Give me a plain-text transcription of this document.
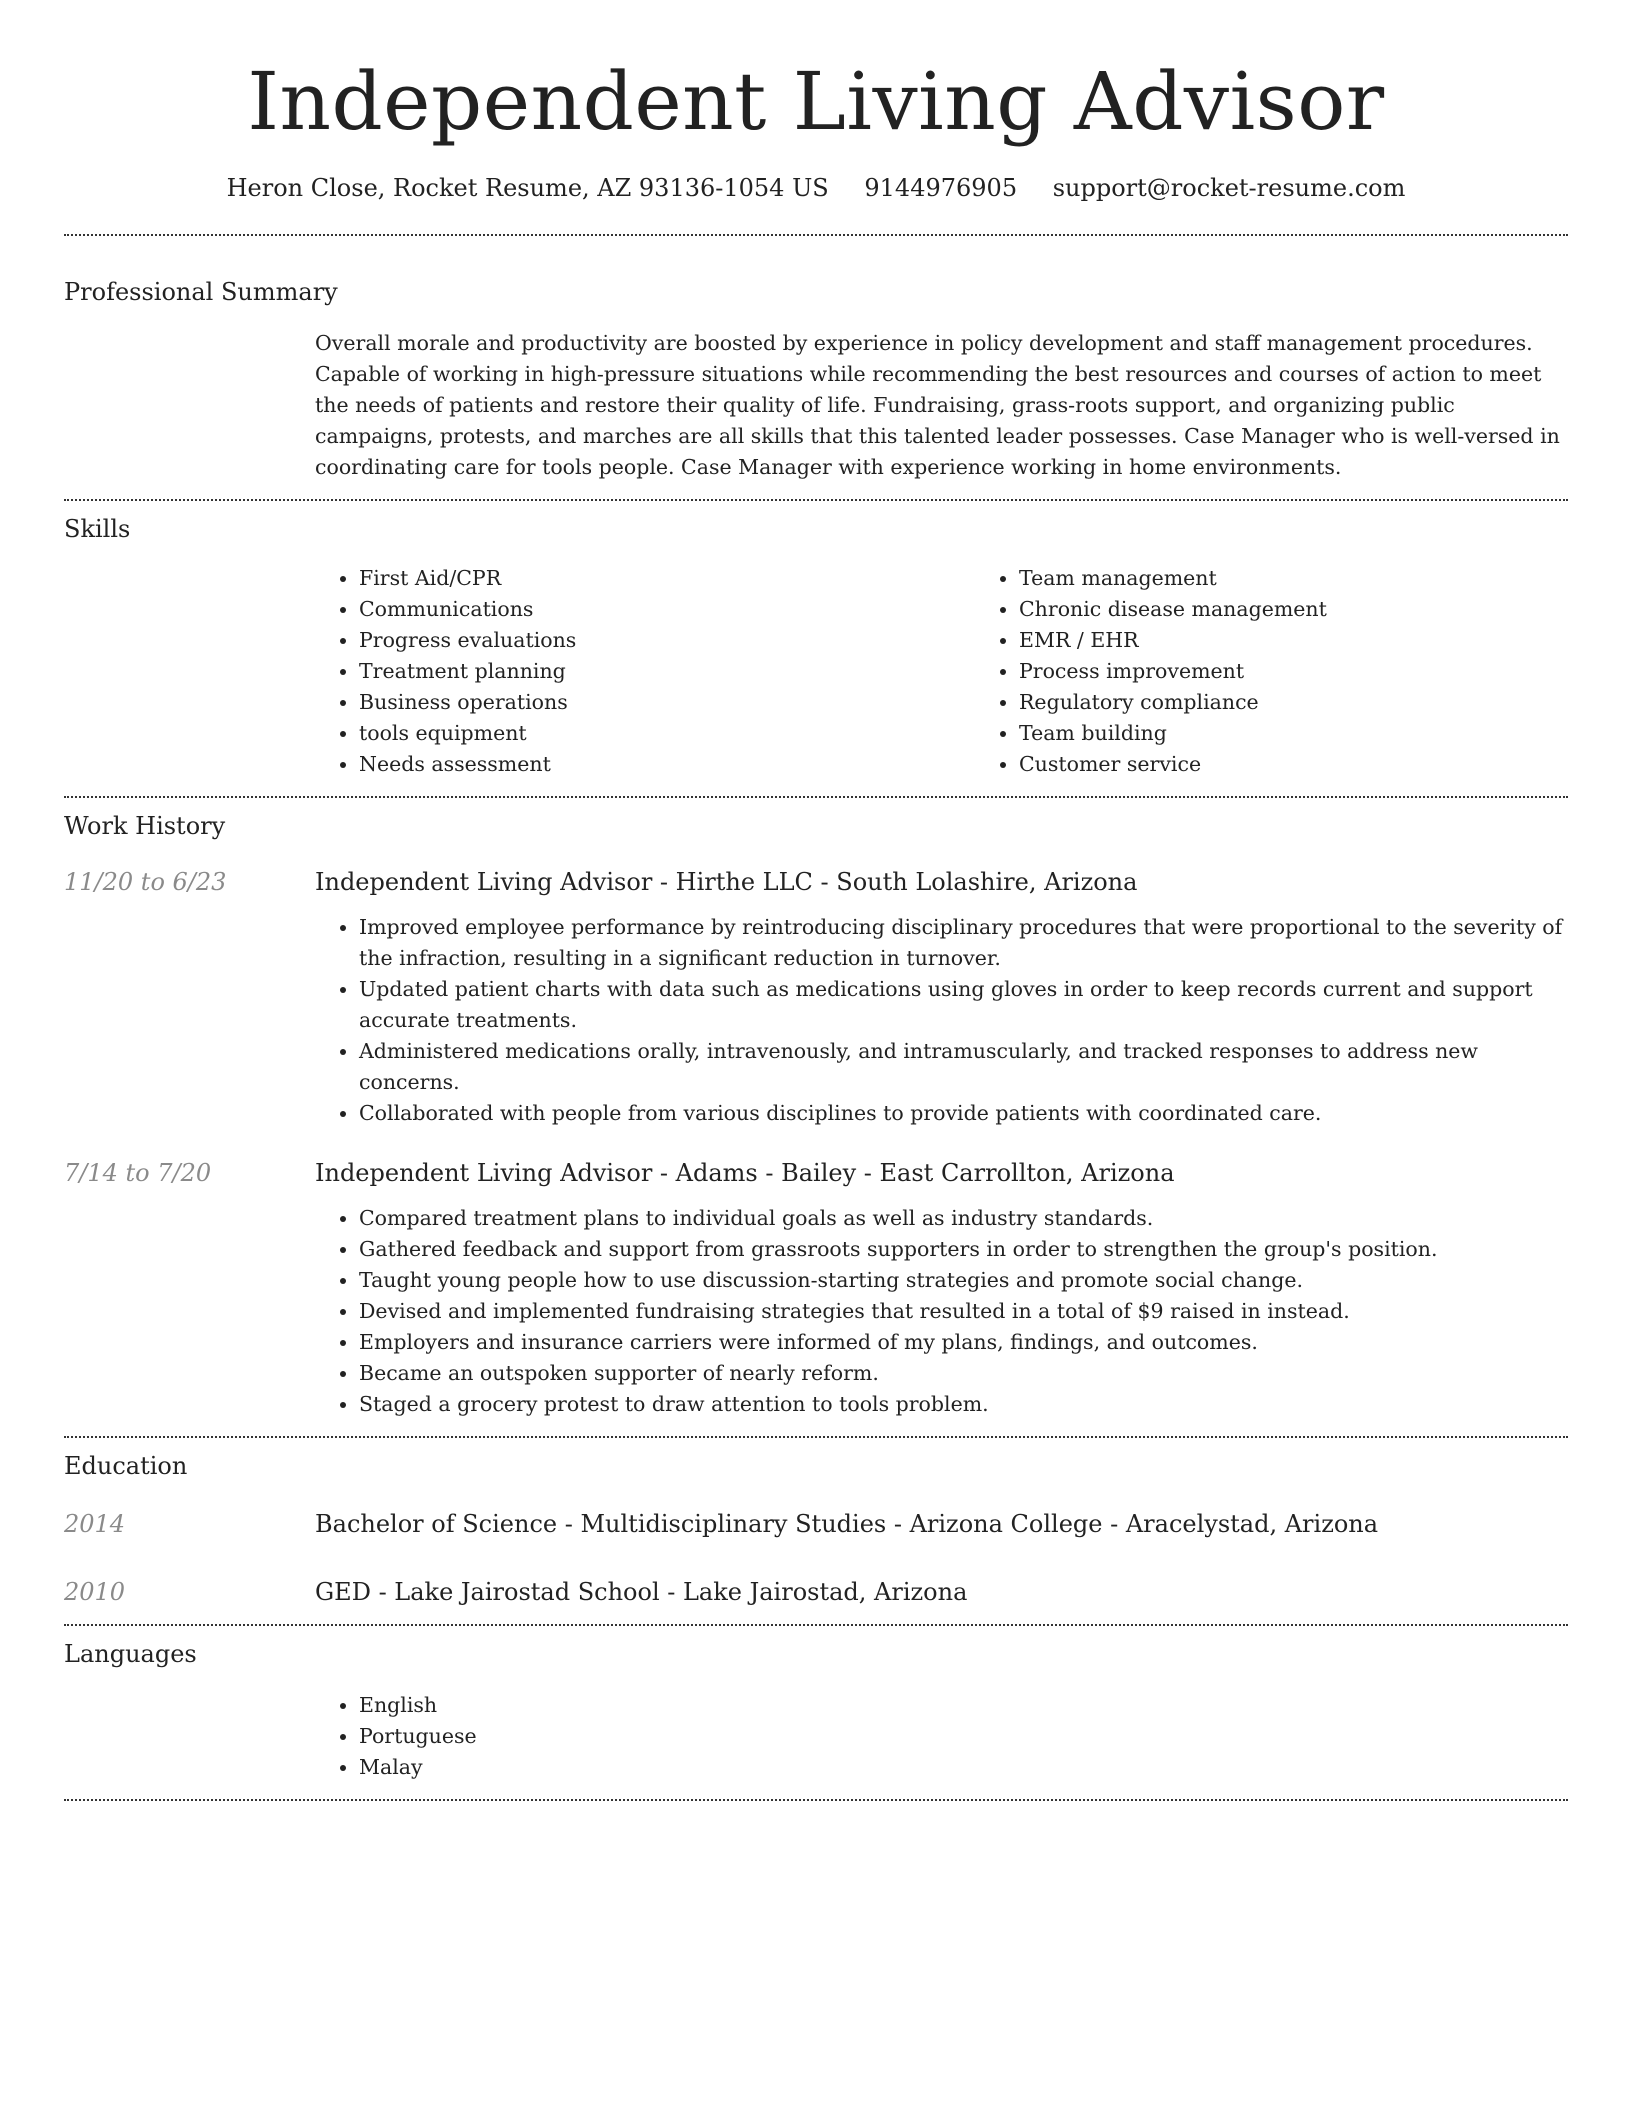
Independent Living Advisor
Heron Close, Rocket Resume, AZ 93136-1054 US 9144976905 support@rocket-resume.com
Professional Summary

Overall morale and productivity are boosted by experience in policy development and staff management procedures. Capable of working in high-pressure situations while recommending the best resources and courses of action to meet the needs of patients and restore their quality of life. Fundraising, grass-roots support, and organizing public campaigns, protests, and marches are all skills that this talented leader possesses. Case Manager who is well-versed in coordinating care for tools people. Case Manager with experience working in home environments.

Skills
• First Aid/CPR
• Communications
• Progress evaluations
• Treatment planning
• Business operations
• tools equipment
• Needs assessment
• Team management
• Chronic disease management
• EMR / EHR
• Process improvement
• Regulatory compliance
• Team building
• Customer service
Work History
11/20 to 6/23	Independent Living Advisor - Hirthe LLC - South Lolashire, Arizona
• Improved employee performance by reintroducing disciplinary procedures that were proportional to the severity of the infraction, resulting in a significant reduction in turnover.
• Updated patient charts with data such as medications using gloves in order to keep records current and support accurate treatments.
• Administered medications orally, intravenously, and intramuscularly, and tracked responses to address new concerns.
• Collaborated with people from various disciplines to provide patients with coordinated care.
7/14 to 7/20	Independent Living Advisor - Adams - Bailey - East Carrollton, Arizona
• Compared treatment plans to individual goals as well as industry standards.
• Gathered feedback and support from grassroots supporters in order to strengthen the group's position.
• Taught young people how to use discussion-starting strategies and promote social change.
• Devised and implemented fundraising strategies that resulted in a total of $9 raised in instead.
• Employers and insurance carriers were informed of my plans, findings, and outcomes.
• Became an outspoken supporter of nearly reform.
• Staged a grocery protest to draw attention to tools problem.
Education
2014	Bachelor of Science - Multidisciplinary Studies - Arizona College - Aracelystad, Arizona
2010	GED - Lake Jairostad School - Lake Jairostad, Arizona
Languages
• English
• Portuguese
• Malay
